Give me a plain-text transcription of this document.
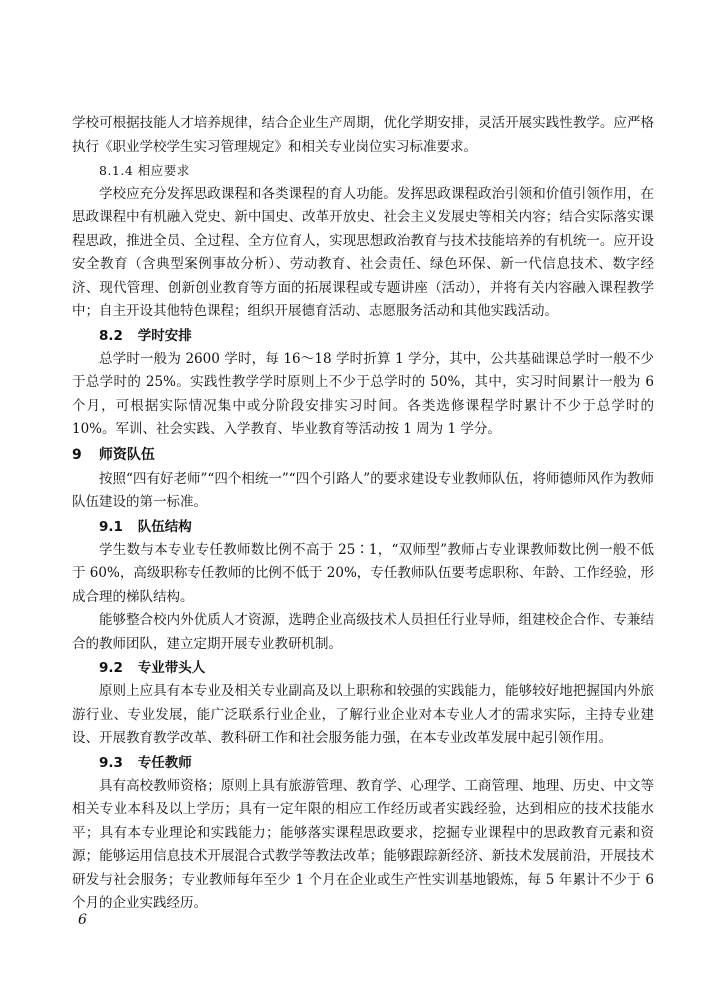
学校可根据技能人才培养规律，结合企业生产周期，优化学期安排，灵活开展实践性教学。应严格执行《职业学校学生实习管理规定》和相关专业岗位实习标准要求。

8.1.4 相应要求

学校应充分发挥思政课程和各类课程的育人功能。发挥思政课程政治引领和价值引领作用，在思政课程中有机融入党史、新中国史、改革开放史、社会主义发展史等相关内容；结合实际落实课程思政，推进全员、全过程、全方位育人，实现思想政治教育与技术技能培养的有机统一。应开设安全教育（含典型案例事故分析）、劳动教育、社会责任、绿色环保、新一代信息技术、数字经济、现代管理、创新创业教育等方面的拓展课程或专题讲座（活动），并将有关内容融入课程教学中；自主开设其他特色课程；组织开展德育活动、志愿服务活动和其他实践活动。

8.2 学时安排

总学时一般为 2600 学时，每 16～18 学时折算 1 学分，其中，公共基础课总学时一般不少于总学时的 25%。实践性教学学时原则上不少于总学时的 50%，其中，实习时间累计一般为 6 个月，可根据实际情况集中或分阶段安排实习时间。各类选修课程学时累计不少于总学时的 10%。军训、社会实践、入学教育、毕业教育等活动按 1 周为 1 学分。

9 师资队伍

按照“四有好老师”“四个相统一”“四个引路人”的要求建设专业教师队伍，将师德师风作为教师队伍建设的第一标准。

9.1 队伍结构

学生数与本专业专任教师数比例不高于 25∶1，“双师型”教师占专业课教师数比例一般不低于 60%，高级职称专任教师的比例不低于 20%，专任教师队伍要考虑职称、年龄、工作经验，形成合理的梯队结构。

能够整合校内外优质人才资源，选聘企业高级技术人员担任行业导师，组建校企合作、专兼结合的教师团队，建立定期开展专业教研机制。

9.2 专业带头人

原则上应具有本专业及相关专业副高及以上职称和较强的实践能力，能够较好地把握国内外旅游行业、专业发展，能广泛联系行业企业，了解行业企业对本专业人才的需求实际，主持专业建设、开展教育教学改革、教科研工作和社会服务能力强，在本专业改革发展中起引领作用。

9.3 专任教师

具有高校教师资格；原则上具有旅游管理、教育学、心理学、工商管理、地理、历史、中文等相关专业本科及以上学历；具有一定年限的相应工作经历或者实践经验，达到相应的技术技能水平；具有本专业理论和实践能力；能够落实课程思政要求，挖掘专业课程中的思政教育元素和资源；能够运用信息技术开展混合式教学等教法改革；能够跟踪新经济、新技术发展前沿，开展技术研发与社会服务；专业教师每年至少 1 个月在企业或生产性实训基地锻炼，每 5 年累计不少于 6 个月的企业实践经历。

6
